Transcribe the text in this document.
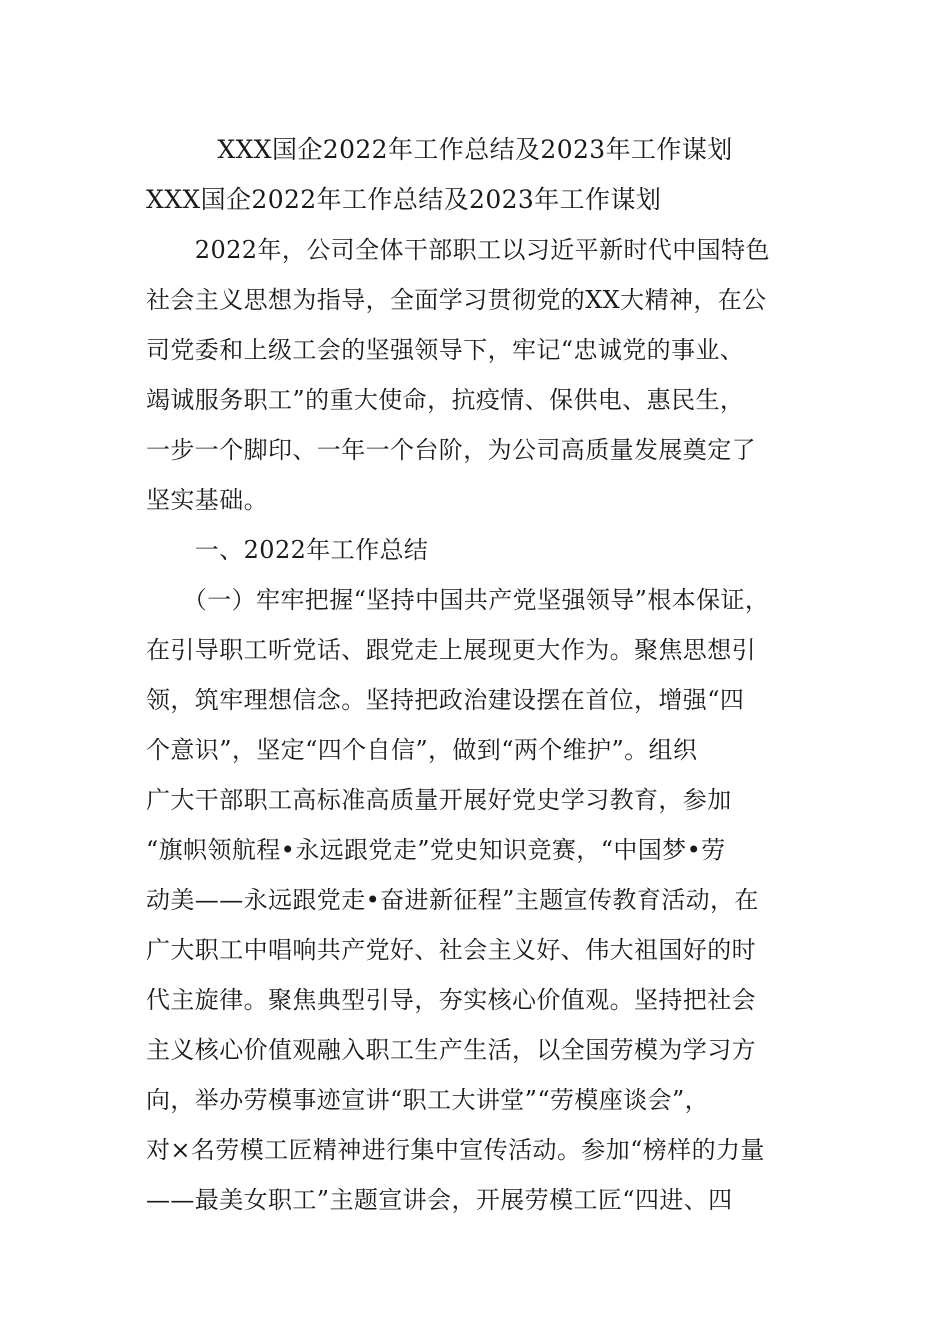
XXX国企2022年工作总结及2023年工作谋划
XXX国企2022年工作总结及2023年工作谋划
　　2022年，公司全体干部职工以习近平新时代中国特色
社会主义思想为指导，全面学习贯彻党的XX大精神，在公
司党委和上级工会的坚强领导下，牢记“忠诚党的事业、
竭诚服务职工”的重大使命，抗疫情、保供电、惠民生，
一步一个脚印、一年一个台阶，为公司高质量发展奠定了
坚实基础。
　　一、2022年工作总结
　　（一）牢牢把握“坚持中国共产党坚强领导”根本保证，
在引导职工听党话、跟党走上展现更大作为。聚焦思想引
领，筑牢理想信念。坚持把政治建设摆在首位，增强“四
个意识”，坚定“四个自信”，做到“两个维护”。组织
广大干部职工高标准高质量开展好党史学习教育，参加
“旗帜领航程•永远跟党走”党史知识竞赛，“中国梦•劳
动美——永远跟党走•奋进新征程”主题宣传教育活动，在
广大职工中唱响共产党好、社会主义好、伟大祖国好的时
代主旋律。聚焦典型引导，夯实核心价值观。坚持把社会
主义核心价值观融入职工生产生活，以全国劳模为学习方
向，举办劳模事迹宣讲“职工大讲堂”“劳模座谈会”，
对×名劳模工匠精神进行集中宣传活动。参加“榜样的力量
——最美女职工”主题宣讲会，开展劳模工匠“四进、四
